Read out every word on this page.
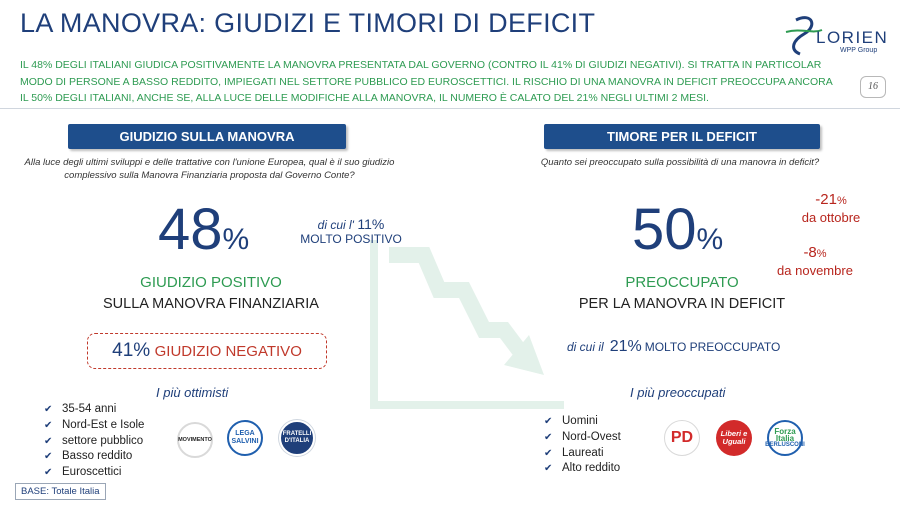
LA MANOVRA: GIUDIZI E TIMORI DI DEFICIT	LORIEN
WPP Group
IL 48% DEGLI ITALIANI GIUDICA POSITIVAMENTE LA MANOVRA PRESENTATA DAL GOVERNO (CONTRO IL 41% DI GIUDIZI NEGATIVI). SI TRATTA IN PARTICOLAR MODO DI PERSONE A BASSO REDDITO, IMPIEGATI NEL SETTORE PUBBLICO ED EUROSCETTICI. IL RISCHIO DI UNA MANOVRA IN DEFICIT PREOCCUPA ANCORA IL 50% DEGLI ITALIANI, ANCHE SE, ALLA LUCE DELLE MODIFICHE ALLA MANOVRA, IL NUMERO È CALATO DEL 21% NEGLI ULTIMI 2 MESI.
16
GIUDIZIO SULLA MANOVRA
Alla luce degli ultimi sviluppi e delle trattative con l'unione Europea, qual è il suo giudizio complessivo sulla Manovra Finanziaria proposta dal Governo Conte?
48%	di cui l' 11%
MOLTO POSITIVO
GIUDIZIO POSITIVO
SULLA MANOVRA FINANZIARIA
41% GIUDIZIO NEGATIVO
I più ottimisti
✔ 35-54 anni
✔ Nord-Est e Isole
✔ settore pubblico
✔ Basso reddito
✔ Euroscettici
MOVIMENTO
LEGA
SALVINI
FRATELLI D'ITALIA
TIMORE PER IL DEFICIT
Quanto sei preoccupato sulla possibilità di una manovra in deficit?
50%
-21%
da ottobre
-8%
da novembre
PREOCCUPATO
PER LA MANOVRA IN DEFICIT
di cui il 21% MOLTO PREOCCUPATO
I più preoccupati
✔ Uomini
✔ Nord-Ovest
✔ Laureati
✔ Alto reddito
PD	Liberi e Uguali
Forza Italia
BERLUSCONI
BASE: Totale Italia
